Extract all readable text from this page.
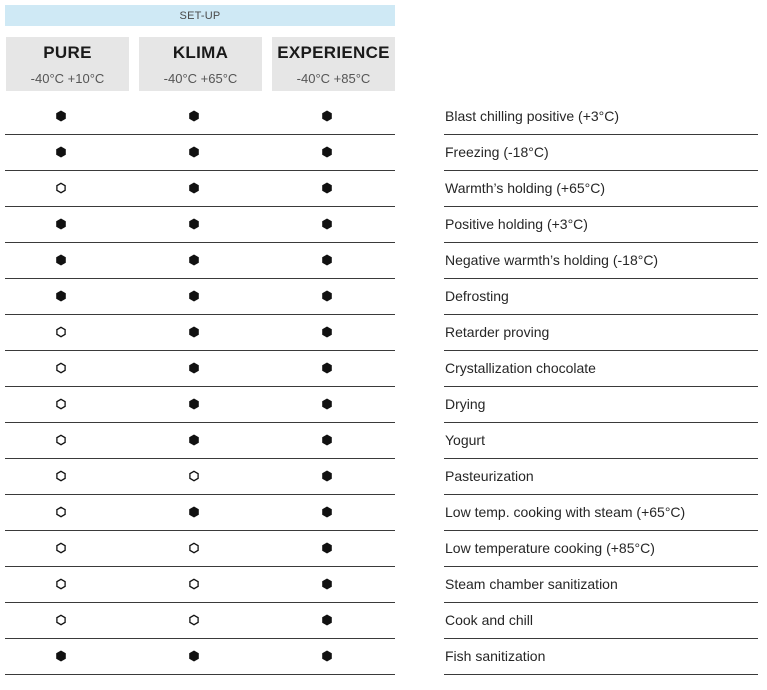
SET-UP
PURE
-40°C +10°C
KLIMA
-40°C +65°C
EXPERIENCE
-40°C +85°C
Blast chilling positive (+3°C)
Freezing (-18°C)
Warmth’s holding (+65°C)
Positive holding (+3°C)
Negative warmth’s holding (-18°C)
Defrosting
Retarder proving
Crystallization chocolate
Drying
Yogurt
Pasteurization
Low temp. cooking with steam (+65°C)
Low temperature cooking (+85°C)
Steam chamber sanitization
Cook and chill
Fish sanitization
